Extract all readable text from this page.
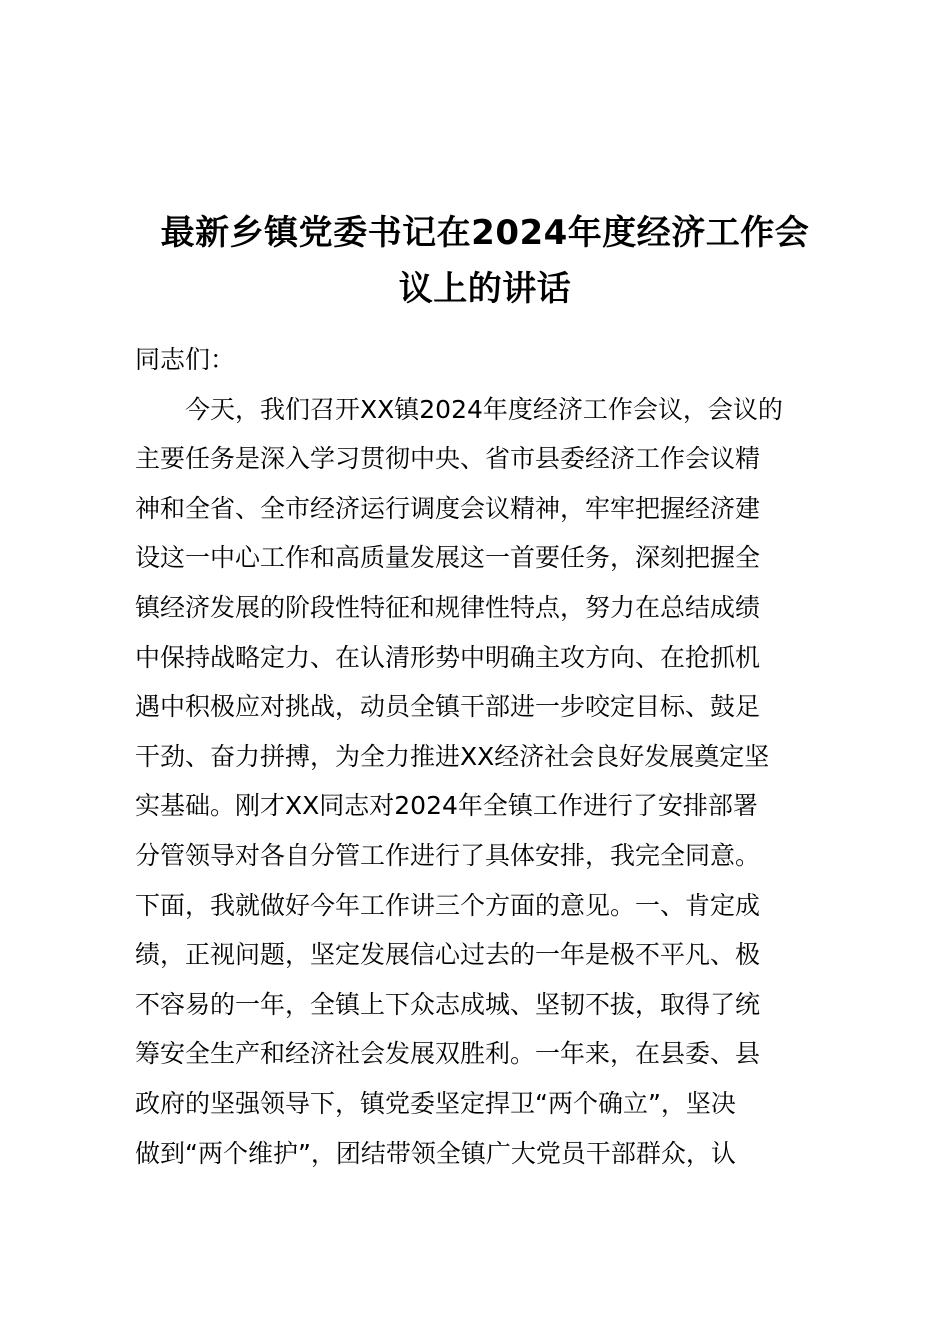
最新乡镇党委书记在2024年度经济工作会
议上的讲话
同志们：
　　今天，我们召开XX镇2024年度经济工作会议，会议的
主要任务是深入学习贯彻中央、省市县委经济工作会议精
神和全省、全市经济运行调度会议精神，牢牢把握经济建
设这一中心工作和高质量发展这一首要任务，深刻把握全
镇经济发展的阶段性特征和规律性特点，努力在总结成绩
中保持战略定力、在认清形势中明确主攻方向、在抢抓机
遇中积极应对挑战，动员全镇干部进一步咬定目标、鼓足
干劲、奋力拼搏，为全力推进XX经济社会良好发展奠定坚
实基础。刚才XX同志对2024年全镇工作进行了安排部署
分管领导对各自分管工作进行了具体安排，我完全同意。
下面，我就做好今年工作讲三个方面的意见。一、肯定成
绩，正视问题，坚定发展信心过去的一年是极不平凡、极
不容易的一年，全镇上下众志成城、坚韧不拔，取得了统
筹安全生产和经济社会发展双胜利。一年来，在县委、县
政府的坚强领导下，镇党委坚定捍卫“两个确立”，坚决
做到“两个维护”，团结带领全镇广大党员干部群众，认
